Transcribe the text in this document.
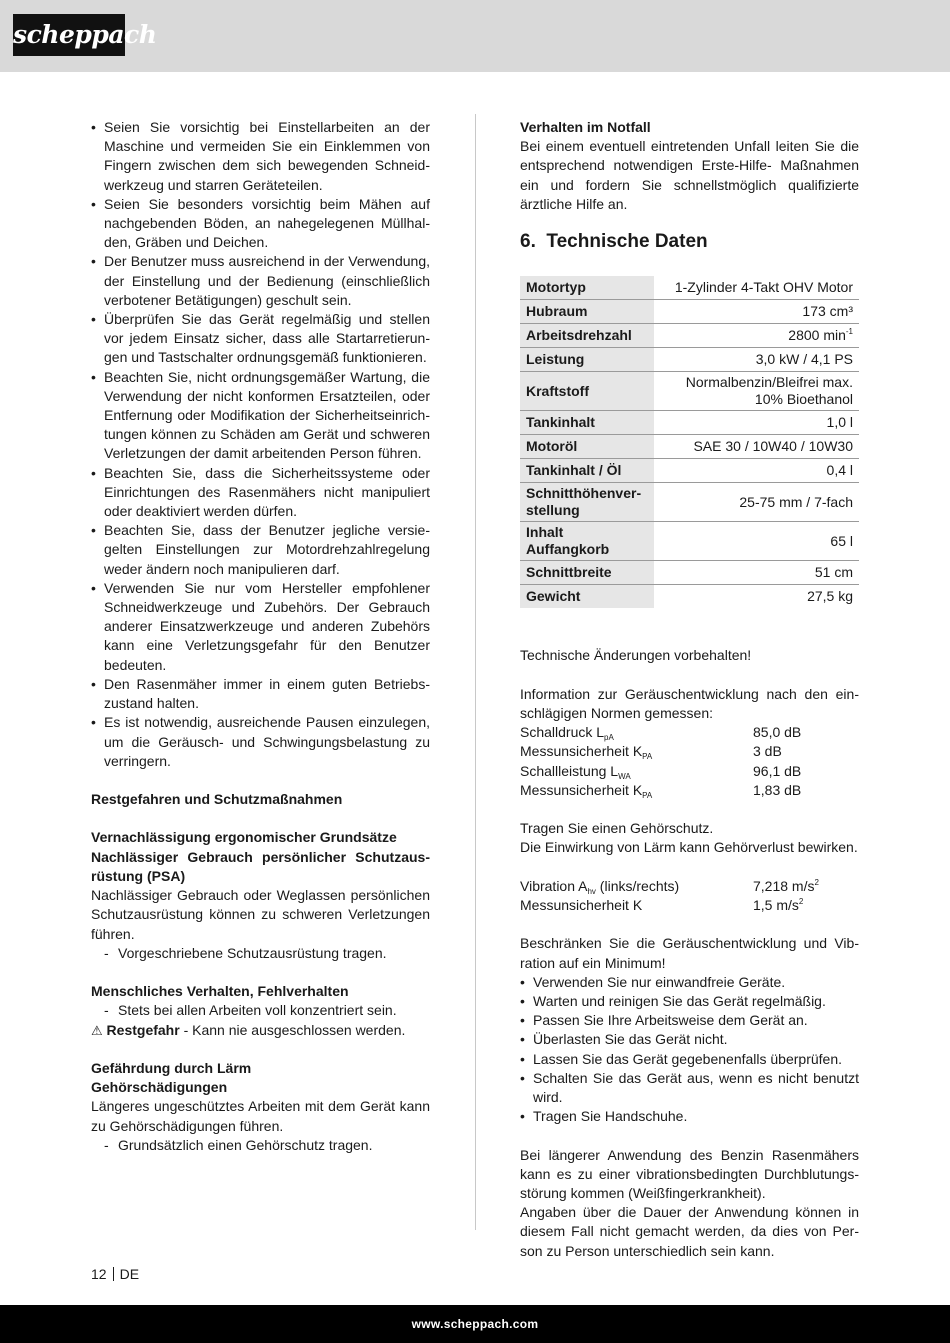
scheppach
• Seien Sie vorsichtig bei Einstellarbeiten an der Maschine und vermeiden Sie ein Einklemmen von Fingern zwischen dem sich bewegenden Schneidwerkzeug und starren Geräteteilen.
• Seien Sie besonders vorsichtig beim Mähen auf nachgebenden Böden, an nahegelegenen Müllhalden, Gräben und Deichen.
• Der Benutzer muss ausreichend in der Verwendung, der Einstellung und der Bedienung (einschließlich verbotener Betätigungen) geschult sein.
• Überprüfen Sie das Gerät regelmäßig und stellen vor jedem Einsatz sicher, dass alle Startarretierungen und Tastschalter ordnungsgemäß funktionieren.
• Beachten Sie, nicht ordnungsgemäßer Wartung, die Verwendung der nicht konformen Ersatzteilen, oder Entfernung oder Modifikation der Sicherheitseinrichtungen können zu Schäden am Gerät und schweren Verletzungen der damit arbeitenden Person führen.
• Beachten Sie, dass die Sicherheitssysteme oder Einrichtungen des Rasenmähers nicht manipuliert oder deaktiviert werden dürfen.
• Beachten Sie, dass der Benutzer jegliche versiegelten Einstellungen zur Motordrehzahlregelung weder ändern noch manipulieren darf.
• Verwenden Sie nur vom Hersteller empfohlener Schneidwerkzeuge und Zubehörs. Der Gebrauch anderer Einsatzwerkzeuge und anderen Zubehörs kann eine Verletzungsgefahr für den Benutzer bedeuten.
• Den Rasenmäher immer in einem guten Betriebszustand halten.
• Es ist notwendig, ausreichende Pausen einzulegen, um die Geräusch- und Schwingungsbelastung zu verringern.

Restgefahren und Schutzmaßnahmen

Vernachlässigung ergonomischer Grundsätze

Nachlässiger Gebrauch persönlicher Schutzausrüstung (PSA)

Nachlässiger Gebrauch oder Weglassen persönlichen Schutzausrüstung können zu schweren Verletzungen führen.

- Vorgeschriebene Schutzausrüstung tragen.

Menschliches Verhalten, Fehlverhalten

- Stets bei allen Arbeiten voll konzentriert sein.

⚠ Restgefahr - Kann nie ausgeschlossen werden.

Gefährdung durch Lärm

Gehörschädigungen

Längeres ungeschütztes Arbeiten mit dem Gerät kann zu Gehörschädigungen führen.

- Grundsätzlich einen Gehörschutz tragen.

Verhalten im Notfall

Bei einem eventuell eintretenden Unfall leiten Sie die entsprechend notwendigen Erste-Hilfe- Maßnahmen ein und fordern Sie schnellstmöglich qualifizierte ärztliche Hilfe an.

6. Technische Daten
Motortyp	1-Zylinder 4-Takt OHV Motor
Hubraum	173 cm³
Arbeitsdrehzahl	2800 $\min^{-1}$
Leistung	3,0 kW / 4,1 PS
Kraftstoff	Normalbenzin/Bleifrei max.
10% Bioethanol
Tankinhalt	1,0 l
Motoröl	SAE 30 / 10W40 / 10W30
Tankinhalt / Öl	0,4 l
Schnitthöhenverstellung	25-75 mm / 7-fach
Inhalt Auffangkorb	65 l
Schnittbreite	51 cm
Gewicht	27,5 kg

Technische Änderungen vorbehalten!

Information zur Geräuschentwicklung nach den einschlägigen Normen gemessen:

Schalldruck $L_{pA}$	85,0 dB
Messunsicherheit $K_{PA}$	3 dB
Schallleistung $L_{WA}$	96,1 dB
Messunsicherheit $K_{PA}$	1,83 dB

Tragen Sie einen Gehörschutz.

Die Einwirkung von Lärm kann Gehörverlust bewirken.

Vibration $A_{hv}$ (links/rechts)	7,218 $m/s^2$
Messunsicherheit K	1,5 $m/s^2$

Beschränken Sie die Geräuschentwicklung und Vibration auf ein Minimum!

• Verwenden Sie nur einwandfreie Geräte.
• Warten und reinigen Sie das Gerät regelmäßig.
• Passen Sie Ihre Arbeitsweise dem Gerät an.
• Überlasten Sie das Gerät nicht.
• Lassen Sie das Gerät gegebenenfalls überprüfen.
• Schalten Sie das Gerät aus, wenn es nicht benutzt wird.
• Tragen Sie Handschuhe.

Bei längerer Anwendung des Benzin Rasenmähers kann es zu einer vibrationsbedingten Durchblutungsstörung kommen (Weißfingerkrankheit).

Angaben über die Dauer der Anwendung können in diesem Fall nicht gemacht werden, da dies von Person zu Person unterschiedlich sein kann.

12 DE
www.scheppach.com
